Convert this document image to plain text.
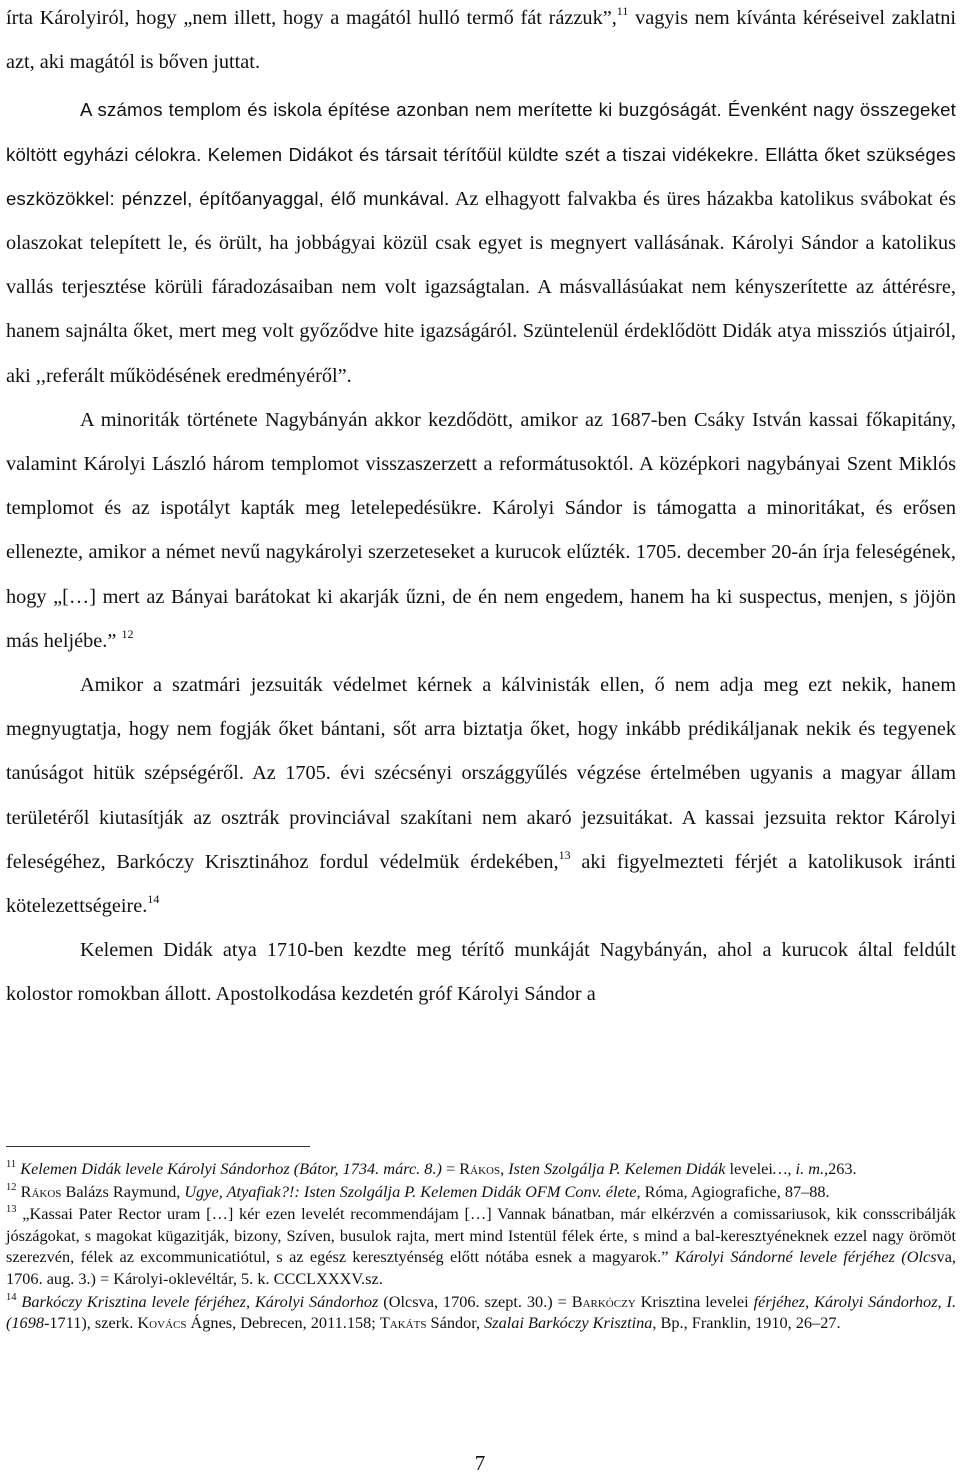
írta Károlyiról, hogy „nem illett, hogy a magától hulló termő fát rázzuk”,$^{11}$ vagyis nem kívánta kéréseivel zaklatni azt, aki magától is bőven juttat.

A számos templom és iskola építése azonban nem merítette ki buzgóságát. Évenként nagy összegeket költött egyházi célokra. Kelemen Didákot és társait térítőül küldte szét a tiszai vidékekre. Ellátta őket szükséges eszközökkel: pénzzel, építőanyaggal, élő munkával. Az elhagyott falvakba és üres házakba katolikus svábokat és olaszokat telepített le, és örült, ha jobbágyai közül csak egyet is megnyert vallásának. Károlyi Sándor a katolikus vallás terjesztése körüli fáradozásaiban nem volt igazságtalan. A másvallásúakat nem kényszerítette az áttérésre, hanem sajnálta őket, mert meg volt győződve hite igazságáról. Szüntelenül érdeklődött Didák atya missziós útjairól, aki ,,referált működésének eredményéről”.

A minoriták története Nagybányán akkor kezdődött, amikor az 1687-ben Csáky István kassai főkapitány, valamint Károlyi László három templomot visszaszerzett a reformátusoktól. A középkori nagybányai Szent Miklós templomot és az ispotályt kapták meg letelepedésükre. Károlyi Sándor is támogatta a minoritákat, és erősen ellenezte, amikor a német nevű nagykárolyi szerzeteseket a kurucok elűzték. 1705. december 20-án írja feleségének, hogy „[…] mert az Bányai barátokat ki akarják űzni, de én nem engedem, hanem ha ki suspectus, menjen, s jöjön más heljébe.” $^{12}$

Amikor a szatmári jezsuiták védelmet kérnek a kálvinisták ellen, ő nem adja meg ezt nekik, hanem megnyugtatja, hogy nem fogják őket bántani, sőt arra biztatja őket, hogy inkább prédikáljanak nekik és tegyenek tanúságot hitük szépségéről. Az 1705. évi szécsényi országgyűlés végzése értelmében ugyanis a magyar állam területéről kiutasítják az osztrák provinciával szakítani nem akaró jezsuitákat. A kassai jezsuita rektor Károlyi feleségéhez, Barkóczy Krisztinához fordul védelmük érdekében,$^{13}$ aki figyelmezteti férjét a katolikusok iránti kötelezettségeire.$^{14}$

Kelemen Didák atya 1710-ben kezdte meg térítő munkáját Nagybányán, ahol a kurucok által feldúlt kolostor romokban állott. Apostolkodása kezdetén gróf Károlyi Sándor a

$^{11}$ Kelemen Didák levele Károlyi Sándorhoz (Bátor, 1734. márc. 8.) = Rákos, Isten Szolgálja P. Kelemen Didák levelei…, i. m.,263.

$^{12}$ Rákos Balázs Raymund, Ugye, Atyafiak?!: Isten Szolgálja P. Kelemen Didák OFM Conv. élete, Róma, Agiografiche, 87–88.

$^{13}$ „Kassai Pater Rector uram […] kér ezen levelét recommendájam […] Vannak bánatban, már elkérzvén a comissariusok, kik consscribálják jószágokat, s magokat kügazitják, bizony, Szíven, busulok rajta, mert mind Istentül félek érte, s mind a bal-keresztyéneknek ezzel nagy örömöt szerezvén, félek az excommunicatiótul, s az egész keresztyénség előtt nótába esnek a magyarok.” Károlyi Sándorné levele férjéhez (Olcsva, 1706. aug. 3.) = Károlyi-oklevéltár, 5. k. CCCLXXXV.sz.

$^{14}$ Barkóczy Krisztina levele férjéhez, Károlyi Sándorhoz (Olcsva, 1706. szept. 30.) = Barkóczy Krisztina levelei férjéhez, Károlyi Sándorhoz, I. (1698-1711), szerk. Kovács Ágnes, Debrecen, 2011.158; Takáts Sándor, Szalai Barkóczy Krisztina, Bp., Franklin, 1910, 26–27.

7
